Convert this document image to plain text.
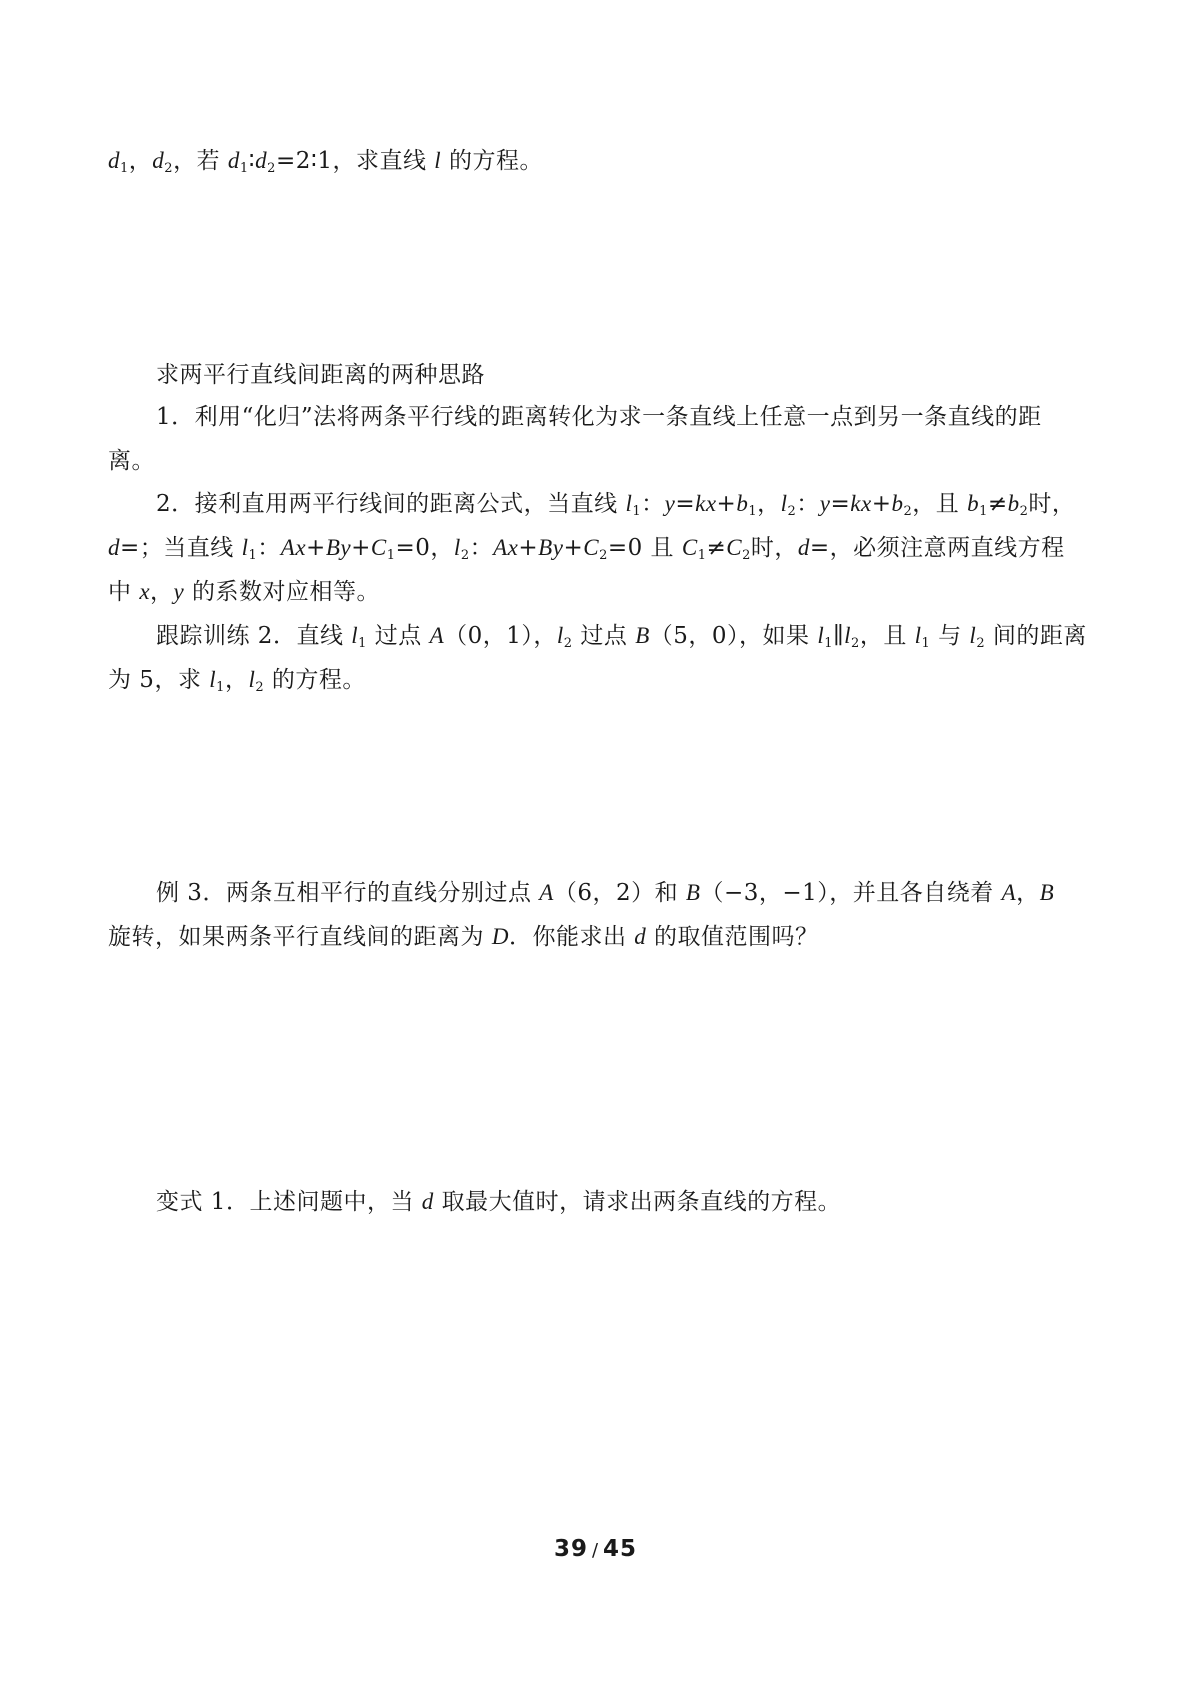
$d_1$，$d_2$，若 $d_1∶d_2=2∶1$，求直线 l 的方程。
求两平行直线间距离的两种思路
1．利用“化归”法将两条平行线的距离转化为求一条直线上任意一点到另一条直线的距
离。
2．接利直用两平行线间的距离公式，当直线 $l_1$：$y=kx+b_1$，$l_2$：$y=kx+b_2$，且 $b_1\ne b_2$时，
d=；当直线 $l_1$：$Ax+By+C_1=0$，$l_2$：$Ax+By+C_2=0$ 且 $C_1\ne C_2$时，d=，必须注意两直线方程
中 x，y 的系数对应相等。
跟踪训练 2．直线 $l_1$ 过点 A（0，1），$l_2$ 过点 B（5，0），如果 $l_1\parallel l_2$，且 $l_1$ 与 $l_2$ 间的距离
为 5，求 $l_1$，$l_2$ 的方程。
例 3．两条互相平行的直线分别过点 A（6，2）和 B（−3，−1），并且各自绕着 A，B
旋转，如果两条平行直线间的距离为 D．你能求出 d 的取值范围吗？
变式 1．上述问题中，当 d 取最大值时，请求出两条直线的方程。
39 / 45
